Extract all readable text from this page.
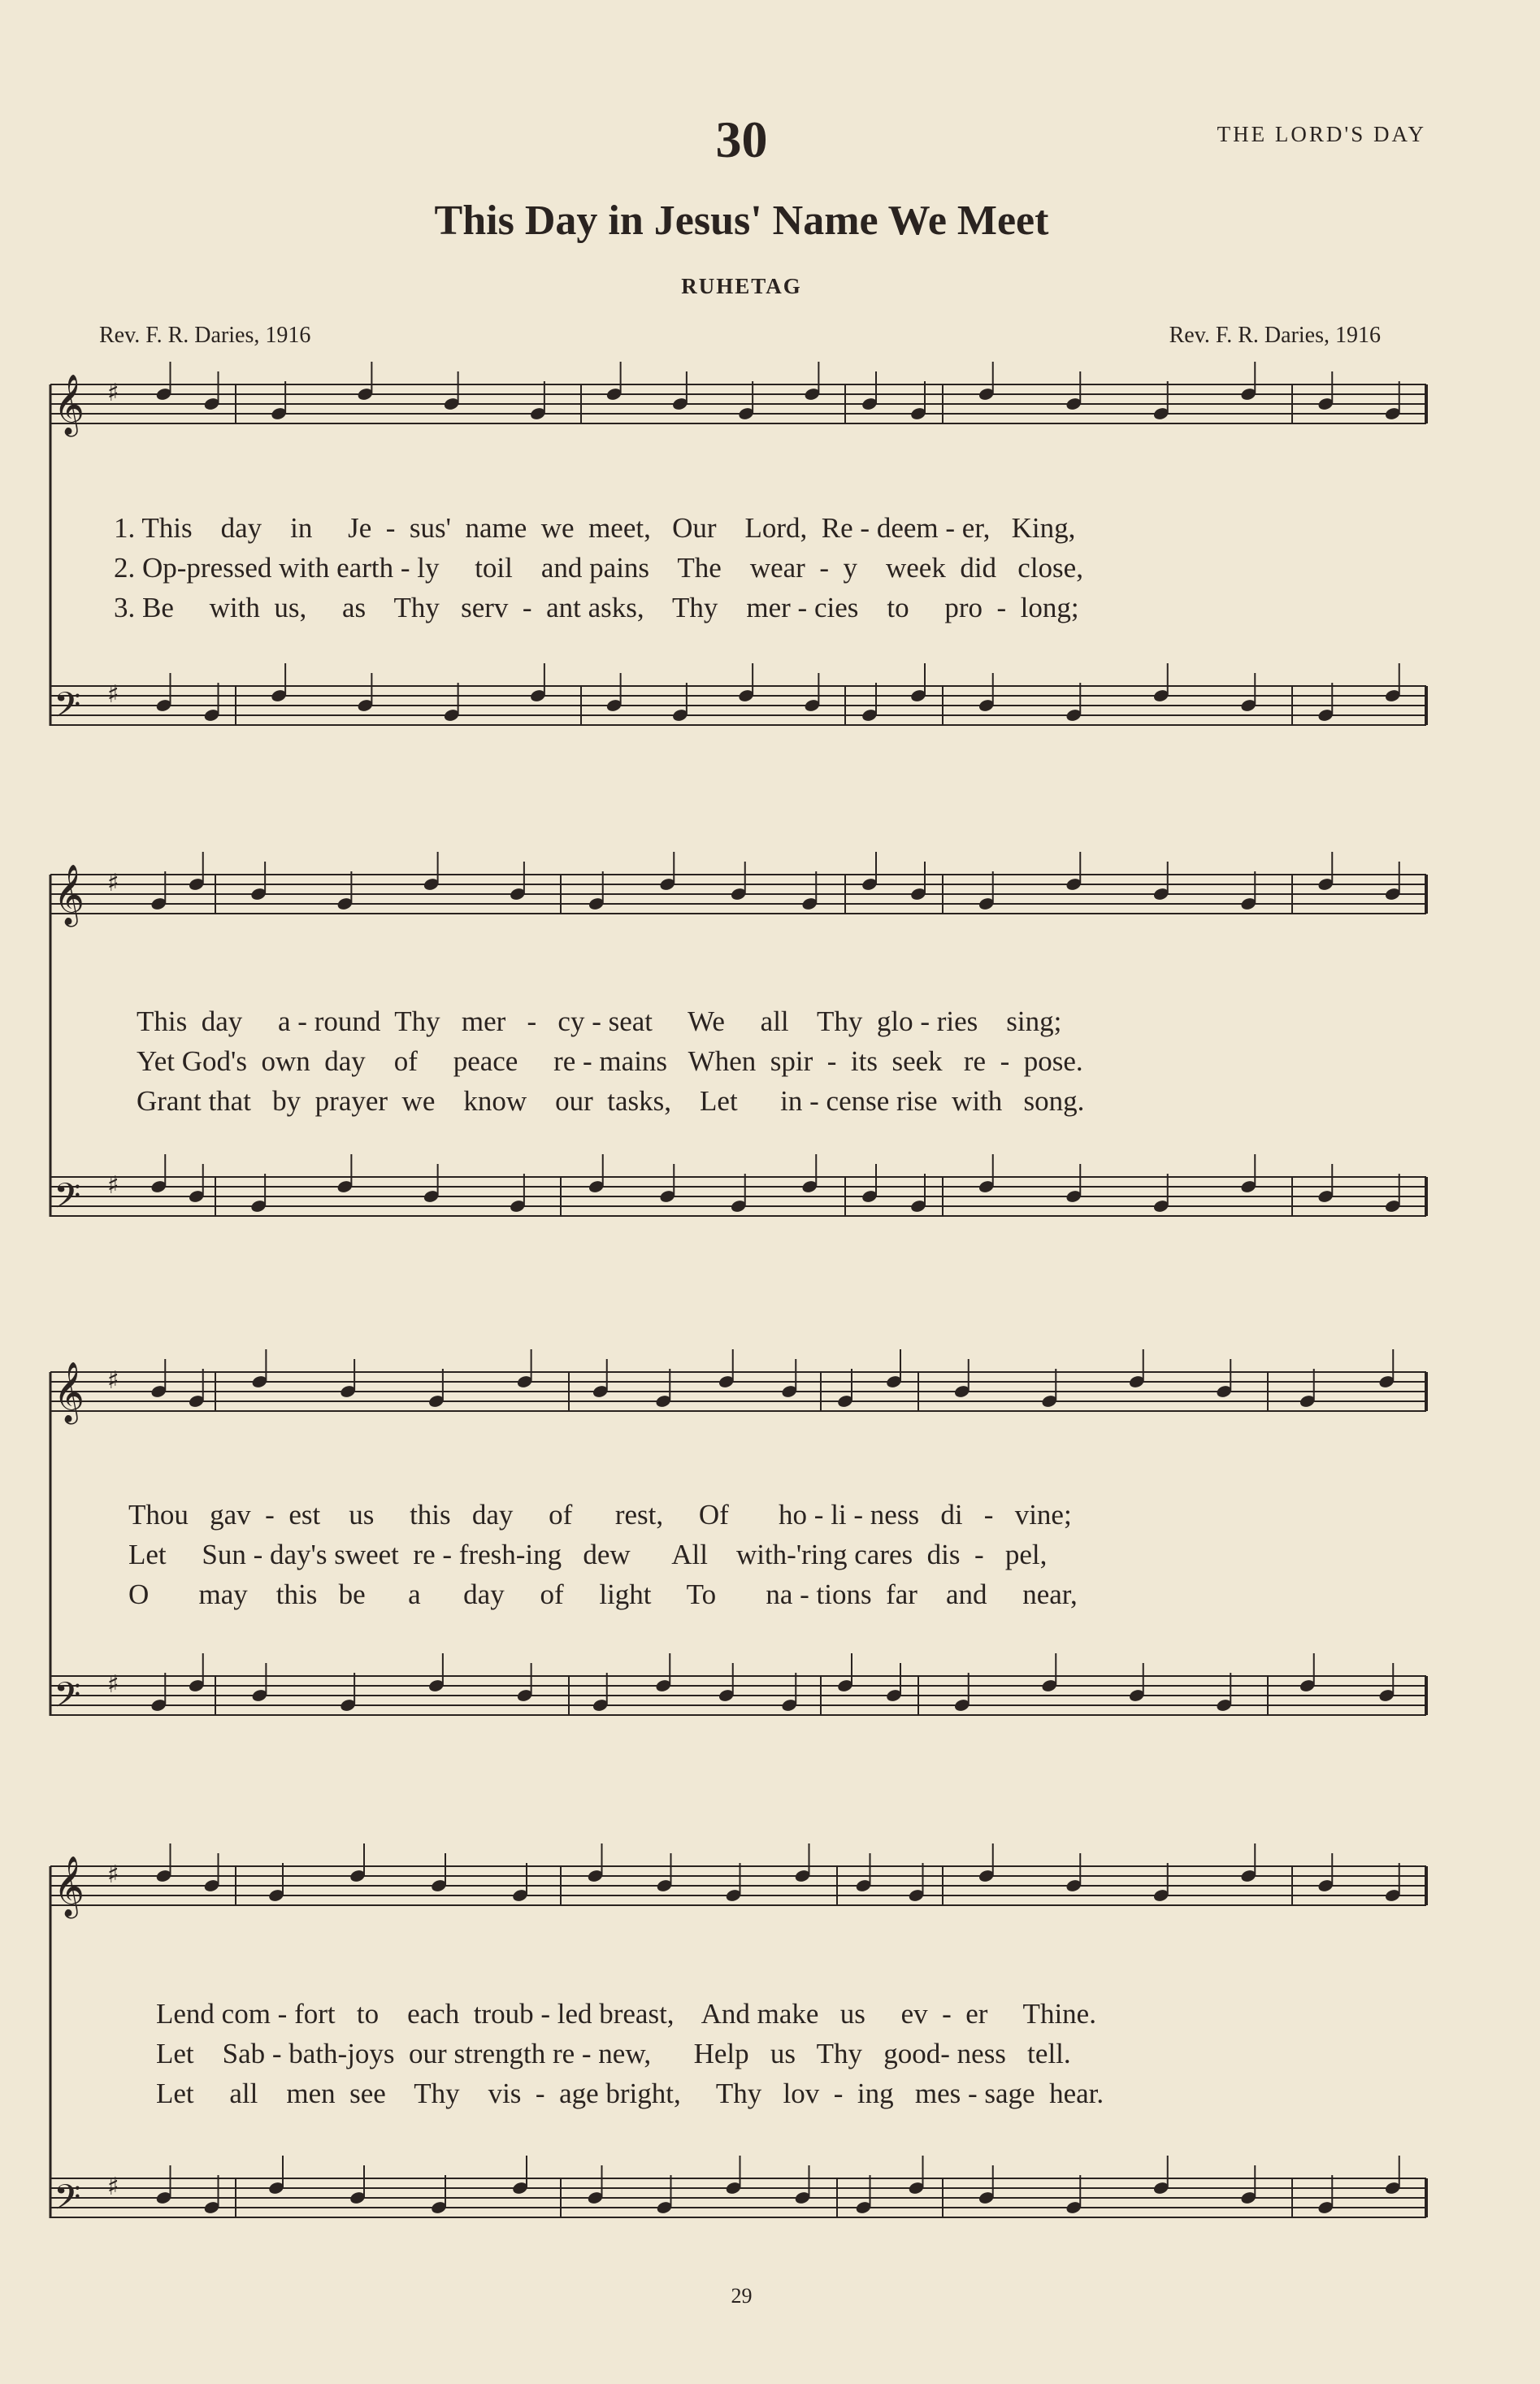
30	THE LORD'S DAY
This Day in Jesus' Name We Meet
RUHETAG
Rev. F. R. Daries, 1916	Rev. F. R. Daries, 1916
𝄞 ♯
𝄢 ♯
𝄞 ♯
𝄢 ♯
𝄞 ♯
𝄢 ♯
𝄞 ♯
𝄢 ♯
1. This    day    in     Je  -  sus'  name  we  meet,   Our    Lord,  Re - deem - er,   King,
2. Op-pressed with earth - ly     toil    and pains    The    wear  -  y    week  did   close,
3. Be     with  us,     as    Thy   serv  -  ant asks,    Thy    mer - cies    to     pro  -  long;
This  day     a - round  Thy   mer   -   cy - seat     We     all    Thy  glo - ries    sing;
Yet God's  own  day    of     peace     re - mains   When  spir  -  its  seek   re  -  pose.
Grant that   by  prayer  we    know    our  tasks,    Let      in - cense rise  with   song.
Thou   gav  -  est    us     this   day     of      rest,     Of       ho - li - ness   di   -   vine;
Let     Sun - day's sweet  re - fresh-ing   dew      All    with-'ring cares  dis  -   pel,
O       may    this   be      a      day     of     light     To       na - tions  far    and     near,
Lend com - fort   to    each  troub - led breast,    And make   us     ev  -  er     Thine.
Let    Sab - bath-joys  our strength re - new,      Help   us   Thy   good- ness   tell.
Let     all    men  see    Thy    vis  -  age bright,     Thy   lov  -  ing   mes - sage  hear.
29
